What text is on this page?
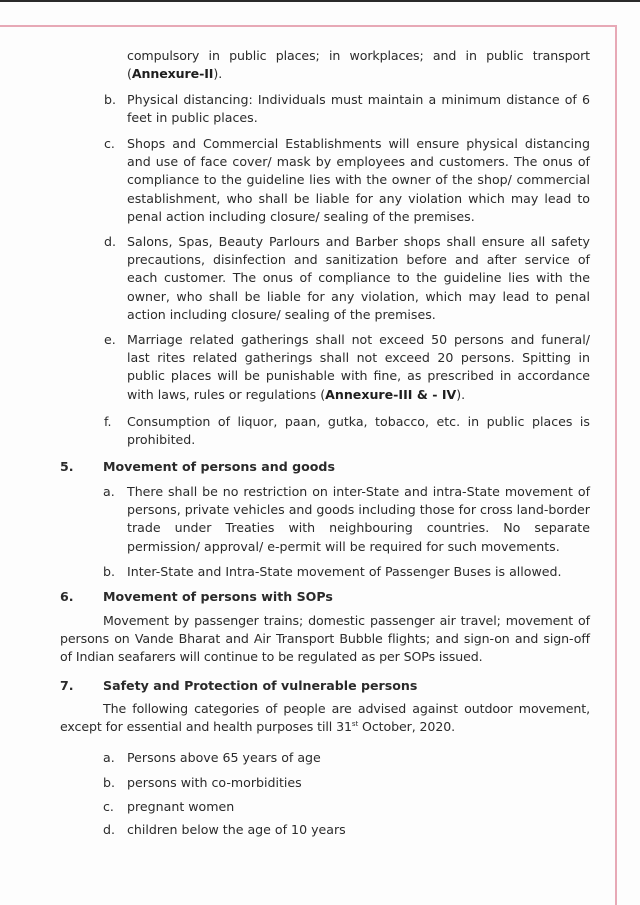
compulsory in public places; in workplaces; and in public transport
(Annexure-II).
b. Physical distancing: Individuals must maintain a minimum distance of 6 feet in public places.
c. Shops and Commercial Establishments will ensure physical distancing and use of face cover/ mask by employees and customers. The onus of compliance to the guideline lies with the owner of the shop/ commercial establishment, who shall be liable for any violation which may lead to penal action including closure/ sealing of the premises.
d. Salons, Spas, Beauty Parlours and Barber shops shall ensure all safety precautions, disinfection and sanitization before and after service of each customer. The onus of compliance to the guideline lies with the owner, who shall be liable for any violation, which may lead to penal action including closure/ sealing of the premises.
e. Marriage related gatherings shall not exceed 50 persons and funeral/ last rites related gatherings shall not exceed 20 persons. Spitting in public places will be punishable with fine, as prescribed in accordance with laws, rules or regulations (Annexure-III & - IV).
f. Consumption of liquor, paan, gutka, tobacco, etc. in public places is prohibited.
5. Movement of persons and goods
a. There shall be no restriction on inter-State and intra-State movement of persons, private vehicles and goods including those for cross land-border trade under Treaties with neighbouring countries. No separate permission/ approval/ e-permit will be required for such movements.
b. Inter-State and Intra-State movement of Passenger Buses is allowed.
6. Movement of persons with SOPs
Movement by passenger trains; domestic passenger air travel; movement of persons on Vande Bharat and Air Transport Bubble flights; and sign-on and sign-off of Indian seafarers will continue to be regulated as per SOPs issued.
7. Safety and Protection of vulnerable persons
The following categories of people are advised against outdoor movement, except for essential and health purposes till 31st October, 2020.
a. Persons above 65 years of age
b. persons with co-morbidities
c. pregnant women
d. children below the age of 10 years
